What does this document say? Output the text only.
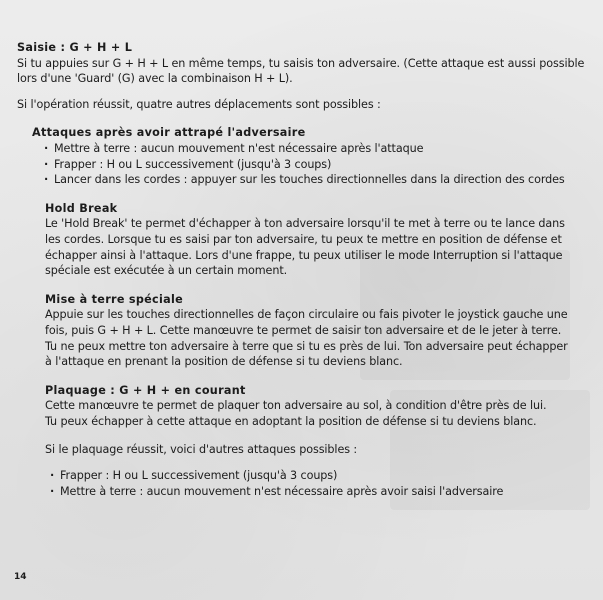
Saisie : G + H + L
Si tu appuies sur G + H + L en même temps, tu saisis ton adversaire. (Cette attaque est aussi possible
lors d'une 'Guard' (G) avec la combinaison H + L).
Si l'opération réussit, quatre autres déplacements sont possibles :
Attaques après avoir attrapé l'adversaire
· Mettre à terre : aucun mouvement n'est nécessaire après l'attaque
· Frapper : H ou L successivement (jusqu'à 3 coups)
· Lancer dans les cordes : appuyer sur les touches directionnelles dans la direction des cordes
Hold Break
Le 'Hold Break' te permet d'échapper à ton adversaire lorsqu'il te met à terre ou te lance dans
les cordes. Lorsque tu es saisi par ton adversaire, tu peux te mettre en position de défense et
échapper ainsi à l'attaque. Lors d'une frappe, tu peux utiliser le mode Interruption si l'attaque
spéciale est exécutée à un certain moment.
Mise à terre spéciale
Appuie sur les touches directionnelles de façon circulaire ou fais pivoter le joystick gauche une
fois, puis G + H + L. Cette manœuvre te permet de saisir ton adversaire et de le jeter à terre.
Tu ne peux mettre ton adversaire à terre que si tu es près de lui. Ton adversaire peut échapper
à l'attaque en prenant la position de défense si tu deviens blanc.
Plaquage : G + H + en courant
Cette manœuvre te permet de plaquer ton adversaire au sol, à condition d'être près de lui.
Tu peux échapper à cette attaque en adoptant la position de défense si tu deviens blanc.
Si le plaquage réussit, voici d'autres attaques possibles :
· Frapper : H ou L successivement (jusqu'à 3 coups)
· Mettre à terre : aucun mouvement n'est nécessaire après avoir saisi l'adversaire
14
